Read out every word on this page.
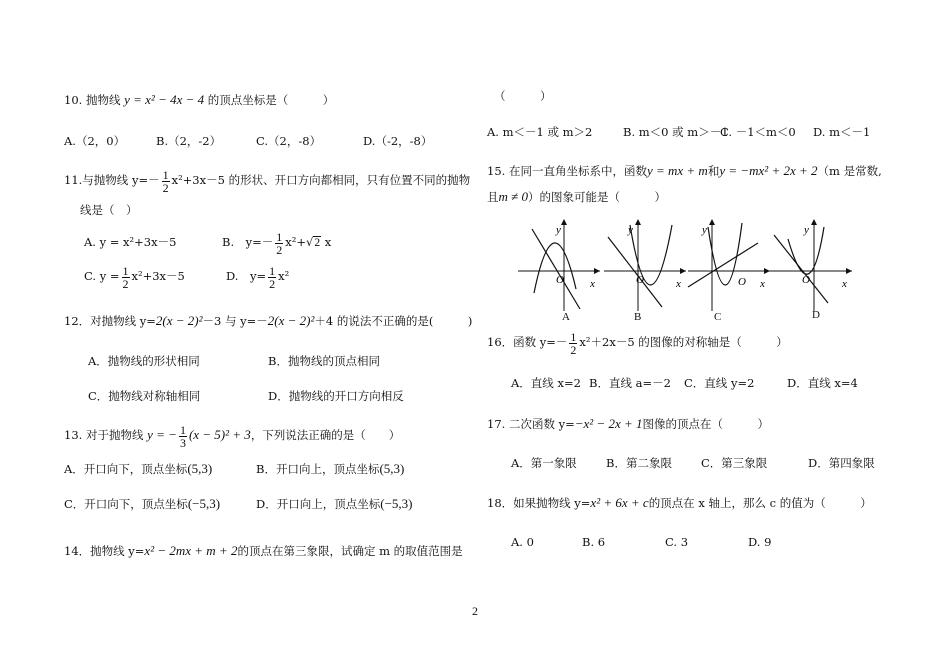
10. 抛物线 y = x² − 4x − 4 的顶点坐标是（　　　）
A.（2，0）	B.（2，-2）	C.（2，-8）	D.（-2，-8）
11.与抛物线 $y=- \frac{1}{2} x^2+3x-5$ 的形状、开口方向都相同，只有位置不同的抛物
线是（　）
A. y = x²+3x－5	B.　$y=- \frac{1}{2} x^2+√2$ x
C. $y = \frac{1}{2} x^2+3x-5$	D.　$y= \frac{1}{2} x^2$
12．对抛物线 y=2(x − 2)²－3 与 y=－2(x − 2)²＋4 的说法不正确的是(　　　)
A．抛物线的形状相同	B．抛物线的顶点相同
C．抛物线对称轴相同	D．抛物线的开口方向相反
13. 对于抛物线 y = − $\frac{1}{3} (x - 5)^2 + 3$，下列说法正确的是（　　）
A．开口向下，顶点坐标(5,3)	B．开口向上，顶点坐标(5,3)
C．开口向下，顶点坐标(−5,3)	D．开口向上，顶点坐标(−5,3)
14．抛物线 y=x² − 2mx + m + 2的顶点在第三象限，试确定 m 的取值范围是
（　　　）
A. m＜－1 或 m＞2	B. m＜0 或 m＞－1
C. －1＜m＜0 D. m＜－1
15. 在同一直角坐标系中，函数y = mx + m和y = −mx² + 2x + 2（m 是常数,
且m ≠ 0）的图象可能是（　　　）
y
x
O
A
y
x
O
B
y
x
O
C
y
x
O
D
16．函数 $y=- \frac{1}{2} x^2+2x-5$ 的图像的对称轴是（　　　）
A．直线 x=2 B．直线 a=－2 C．直线 y=2	D．直线 x=4
17. 二次函数 y=−x² − 2x + 1图像的顶点在（　　　）
A．第一象限	B．第二象限	C．第三象限	D．第四象限
18．如果抛物线 y=x² + 6x + c的顶点在 x 轴上，那么 c 的值为（　　　）
A. 0	B. 6	C. 3	D. 9
2
